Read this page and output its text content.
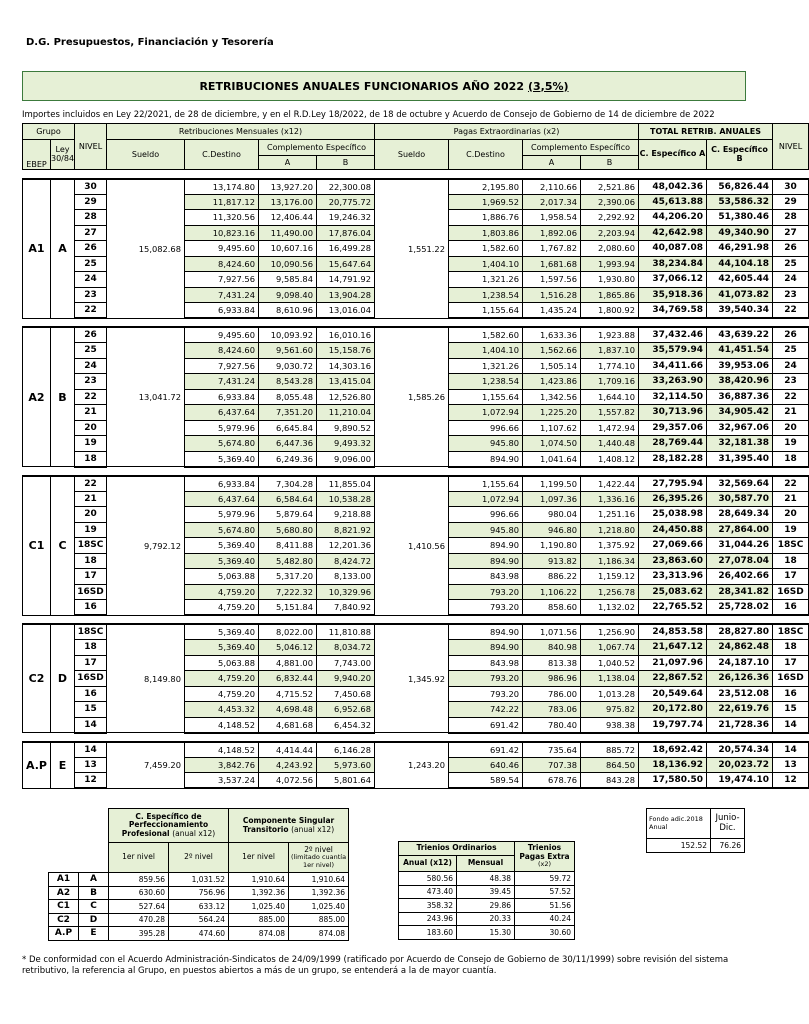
D.G. Presupuestos, Financiación y Tesorería
RETRIBUCIONES ANUALES FUNCIONARIOS AÑO 2022 (3,5%)
Importes incluidos en Ley 22/2021, de 28 de diciembre, y en el R.D.Ley 18/2022, de 18 de octubre y Acuerdo de Consejo de Gobierno de 14 de diciembre de 2022
Grupo		NIVEL	Retribuciones Mensuales (x12)				Pagas Extraordinarias (x2)				TOTAL RETRIB. ANUALES		NIVEL
EBEP	Ley 30/84		Sueldo	C.Destino	Complemento Específico		Sueldo	C.Destino	Complemento Específico		C. Específico A	C. Específico B	
					A	B			A	B			

A1	A	30	15,082.68	13,174.80	13,927.20	22,300.08	1,551.22	2,195.80	2,110.66	2,521.86	48,042.36	56,826.44	30
		29		11,817.12	13,176.00	20,775.72		1,969.52	2,017.34	2,390.06	45,613.88	53,586.32	29
		28		11,320.56	12,406.44	19,246.32		1,886.76	1,958.54	2,292.92	44,206.20	51,380.46	28
		27		10,823.16	11,490.00	17,876.04		1,803.86	1,892.06	2,203.94	42,642.98	49,340.90	27
		26		9,495.60	10,607.16	16,499.28		1,582.60	1,767.82	2,080.60	40,087.08	46,291.98	26
		25		8,424.60	10,090.56	15,647.64		1,404.10	1,681.68	1,993.94	38,234.84	44,104.18	25
		24		7,927.56	9,585.84	14,791.92		1,321.26	1,597.56	1,930.80	37,066.12	42,605.44	24
		23		7,431.24	9,098.40	13,904.28		1,238.54	1,516.28	1,865.86	35,918.36	41,073.82	23
		22		6,933.84	8,610.96	13,016.04		1,155.64	1,435.24	1,800.92	34,769.58	39,540.34	22

A2	B	26	13,041.72	9,495.60	10,093.92	16,010.16	1,585.26	1,582.60	1,633.36	1,923.88	37,432.46	43,639.22	26
		25		8,424.60	9,561.60	15,158.76		1,404.10	1,562.66	1,837.10	35,579.94	41,451.54	25
		24		7,927.56	9,030.72	14,303.16		1,321.26	1,505.14	1,774.10	34,411.66	39,953.06	24
		23		7,431.24	8,543.28	13,415.04		1,238.54	1,423.86	1,709.16	33,263.90	38,420.96	23
		22		6,933.84	8,055.48	12,526.80		1,155.64	1,342.56	1,644.10	32,114.50	36,887.36	22
		21		6,437.64	7,351.20	11,210.04		1,072.94	1,225.20	1,557.82	30,713.96	34,905.42	21
		20		5,979.96	6,645.84	9,890.52		996.66	1,107.62	1,472.94	29,357.06	32,967.06	20
		19		5,674.80	6,447.36	9,493.32		945.80	1,074.50	1,440.48	28,769.44	32,181.38	19
		18		5,369.40	6,249.36	9,096.00		894.90	1,041.64	1,408.12	28,182.28	31,395.40	18

C1	C	22	9,792.12	6,933.84	7,304.28	11,855.04	1,410.56	1,155.64	1,199.50	1,422.44	27,795.94	32,569.64	22
		21		6,437.64	6,584.64	10,538.28		1,072.94	1,097.36	1,336.16	26,395.26	30,587.70	21
		20		5,979.96	5,879.64	9,218.88		996.66	980.04	1,251.16	25,038.98	28,649.34	20
		19		5,674.80	5,680.80	8,821.92		945.80	946.80	1,218.80	24,450.88	27,864.00	19
		18SC		5,369.40	8,411.88	12,201.36		894.90	1,190.80	1,375.92	27,069.66	31,044.26	18SC
		18		5,369.40	5,482.80	8,424.72		894.90	913.82	1,186.34	23,863.60	27,078.04	18
		17		5,063.88	5,317.20	8,133.00		843.98	886.22	1,159.12	23,313.96	26,402.66	17
		16SD		4,759.20	7,222.32	10,329.96		793.20	1,106.22	1,256.78	25,083.62	28,341.82	16SD
		16		4,759.20	5,151.84	7,840.92		793.20	858.60	1,132.02	22,765.52	25,728.02	16

C2	D	18SC	8,149.80	5,369.40	8,022.00	11,810.88	1,345.92	894.90	1,071.56	1,256.90	24,853.58	28,827.80	18SC
		18		5,369.40	5,046.12	8,034.72		894.90	840.98	1,067.74	21,647.12	24,862.48	18
		17		5,063.88	4,881.00	7,743.00		843.98	813.38	1,040.52	21,097.96	24,187.10	17
		16SD		4,759.20	6,832.44	9,940.20		793.20	986.96	1,138.04	22,867.52	26,126.36	16SD
		16		4,759.20	4,715.52	7,450.68		793.20	786.00	1,013.28	20,549.64	23,512.08	16
		15		4,453.32	4,698.48	6,952.68		742.22	783.06	975.82	20,172.80	22,619.76	15
		14		4,148.52	4,681.68	6,454.32		691.42	780.40	938.38	19,797.74	21,728.36	14

A.P	E	14	7,459.20	4,148.52	4,414.44	6,146.28	1,243.20	691.42	735.64	885.72	18,692.42	20,574.34	14
		13		3,842.76	4,243.92	5,973.60		640.46	707.38	864.50	18,136.92	20,023.72	13
		12		3,537.24	4,072.56	5,801.64		589.54	678.76	843.28	17,580.50	19,474.10	12
		C. Específico de Perfeccionamiento Profesional (anual x12)		Componente Singular Transitorio (anual x12)	
		1er nivel	2º nivel	1er nivel	2º nivel
(limitado cuantía 1er nivel)

A1	A	859.56	1,031.52	1,910.64	1,910.64
A2	B	630.60	756.96	1,392.36	1,392.36
C1	C	527.64	633.12	1,025.40	1,025.40
C2	D	470.28	564.24	885.00	885.00
A.P	E	395.28	474.60	874.08	874.08
Trienios Ordinarios		Trienios Pagas Extra
(x2)

Anual (x12)	Mensual	
580.56	48.38	59.72
473.40	39.45	57.52
358.32	29.86	51.56
243.96	20.33	40.24
183.60	15.30	30.60
Fondo adic.2018 Anual	Junio-Dic.
152.52	76.26
* De conformidad con el Acuerdo Administración-Sindicatos de 24/09/1999 (ratificado por Acuerdo de Consejo de Gobierno de 30/11/1999) sobre revisión del sistema retributivo, la referencia al Grupo, en puestos abiertos a más de un grupo, se entenderá a la de mayor cuantía.
